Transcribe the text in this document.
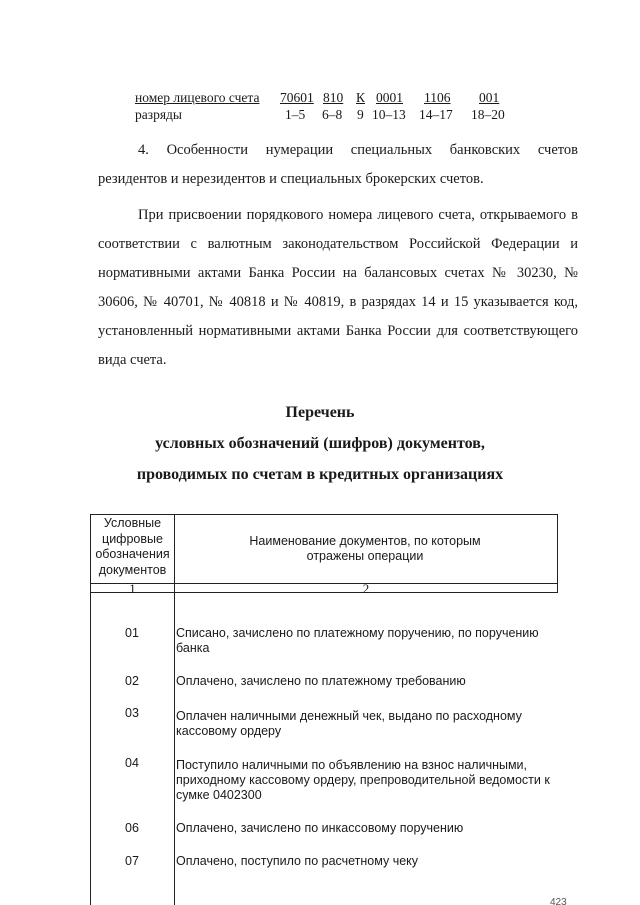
номер лицевого счета 70601 810 К 0001 1106 001
разряды	1–5 6–8 9 10–13 14–17 18–20

4. Особенности нумерации специальных банковских счетов резидентов и нерезидентов и специальных брокерских счетов.

При присвоении порядкового номера лицевого счета, открываемого в соответствии с валютным законодательством Российской Федерации и нормативными актами Банка России на балансовых счетах № 30230, № 30606, № 40701, № 40818 и № 40819, в разрядах 14 и 15 указывается код, установленный нормативными актами Банка России для соответствующего вида счета.

Перечень
условных обозначений (шифров) документов,
проводимых по счетам в кредитных организациях
Условные цифровые обозначения документов
Наименование документов, по которым отражены операции
1	2
01	Списано, зачислено по платежному поручению, по поручению банка
02	Оплачено, зачислено по платежному требованию
03	Оплачен наличными денежный чек, выдано по расходному кассовому ордеру
04	Поступило наличными по объявлению на взнос наличными, приходному кассовому ордеру, препроводительной ведомости к сумке 0402300
06	Оплачено, зачислено по инкассовому поручению
07	Оплачено, поступило по расчетному чеку
423
